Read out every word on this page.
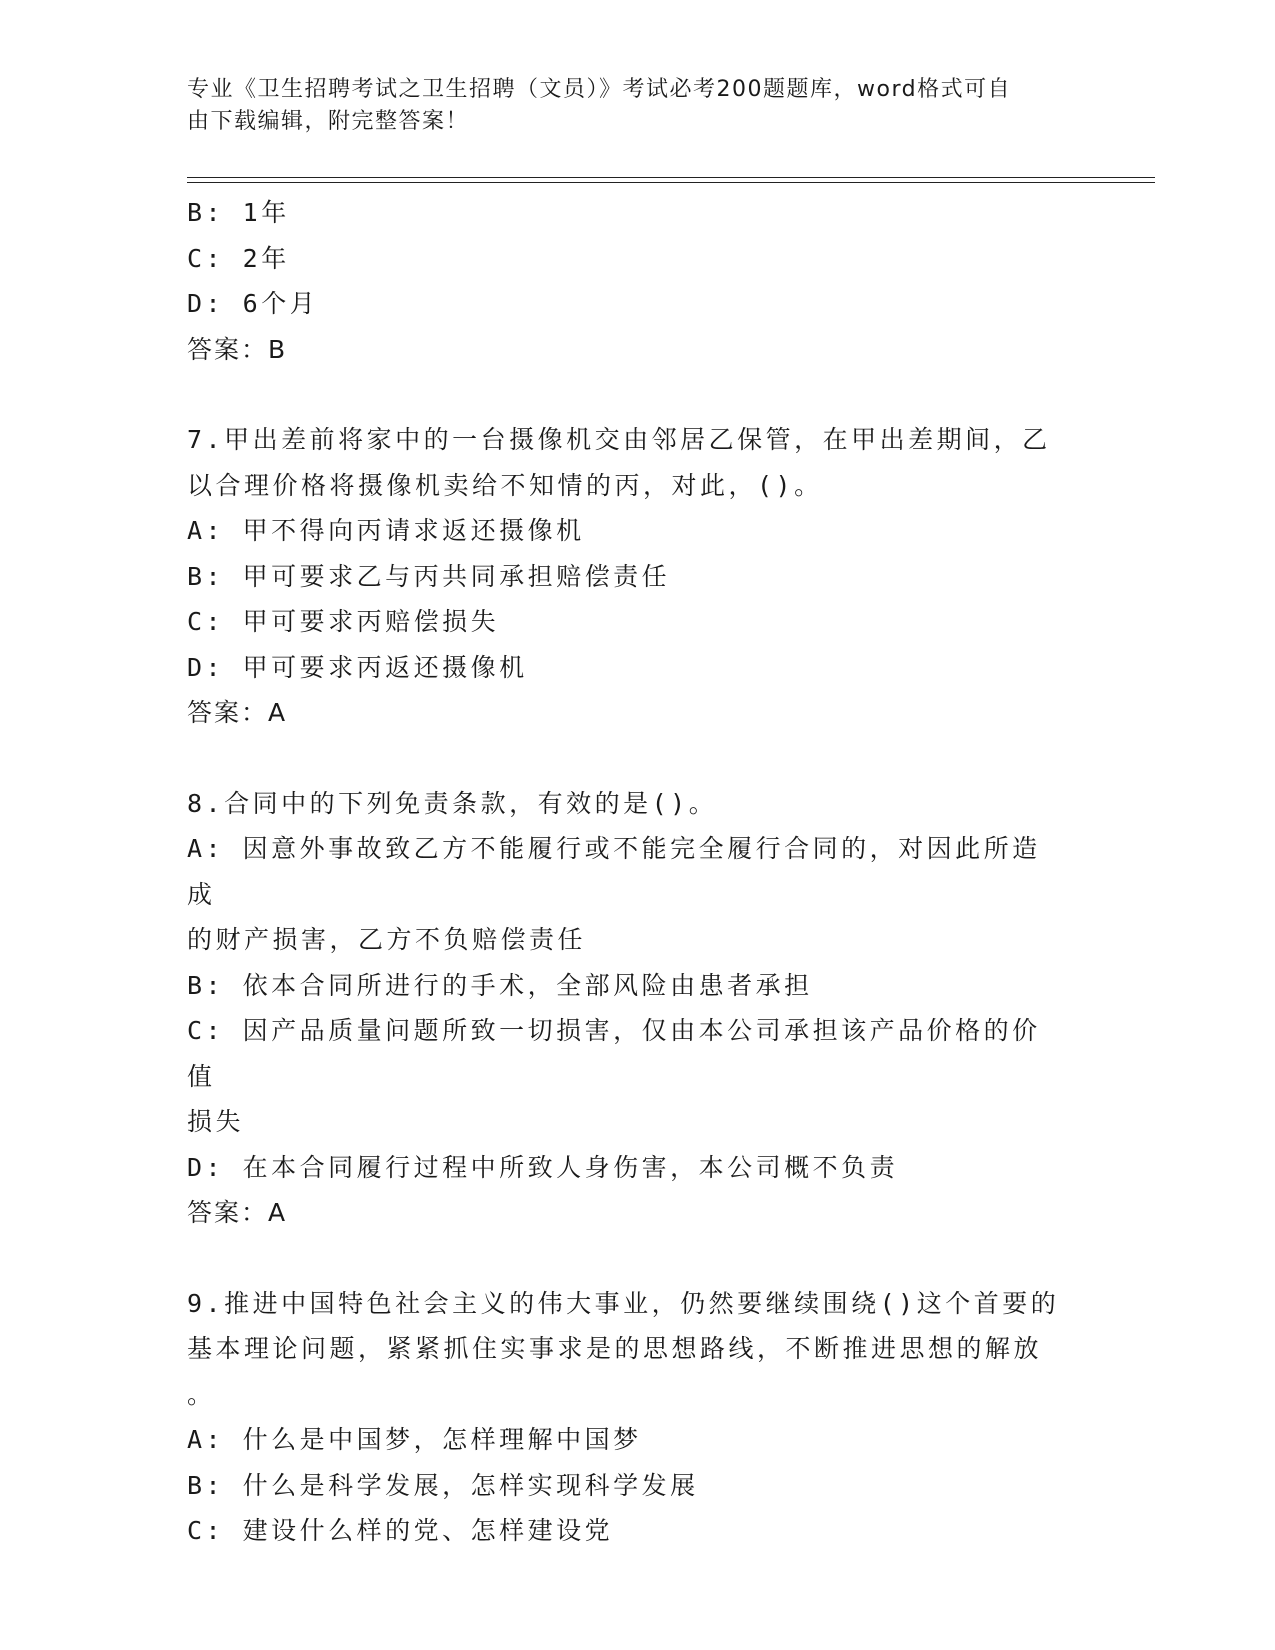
专业《卫生招聘考试之卫生招聘（文员）》考试必考200题题库，word格式可自
由下载编辑，附完整答案！

B: 1年

C: 2年

D: 6个月

答案：B

7.甲出差前将家中的一台摄像机交由邻居乙保管，在甲出差期间，乙

以合理价格将摄像机卖给不知情的丙，对此，()。

A: 甲不得向丙请求返还摄像机

B: 甲可要求乙与丙共同承担赔偿责任

C: 甲可要求丙赔偿损失

D: 甲可要求丙返还摄像机

答案：A

8.合同中的下列免责条款，有效的是()。

A: 因意外事故致乙方不能履行或不能完全履行合同的，对因此所造成

的财产损害，乙方不负赔偿责任

B: 依本合同所进行的手术，全部风险由患者承担

C: 因产品质量问题所致一切损害，仅由本公司承担该产品价格的价值

损失

D: 在本合同履行过程中所致人身伤害，本公司概不负责

答案：A

9.推进中国特色社会主义的伟大事业，仍然要继续围绕()这个首要的

基本理论问题，紧紧抓住实事求是的思想路线，不断推进思想的解放

。

A: 什么是中国梦，怎样理解中国梦

B: 什么是科学发展，怎样实现科学发展

C: 建设什么样的党、怎样建设党
